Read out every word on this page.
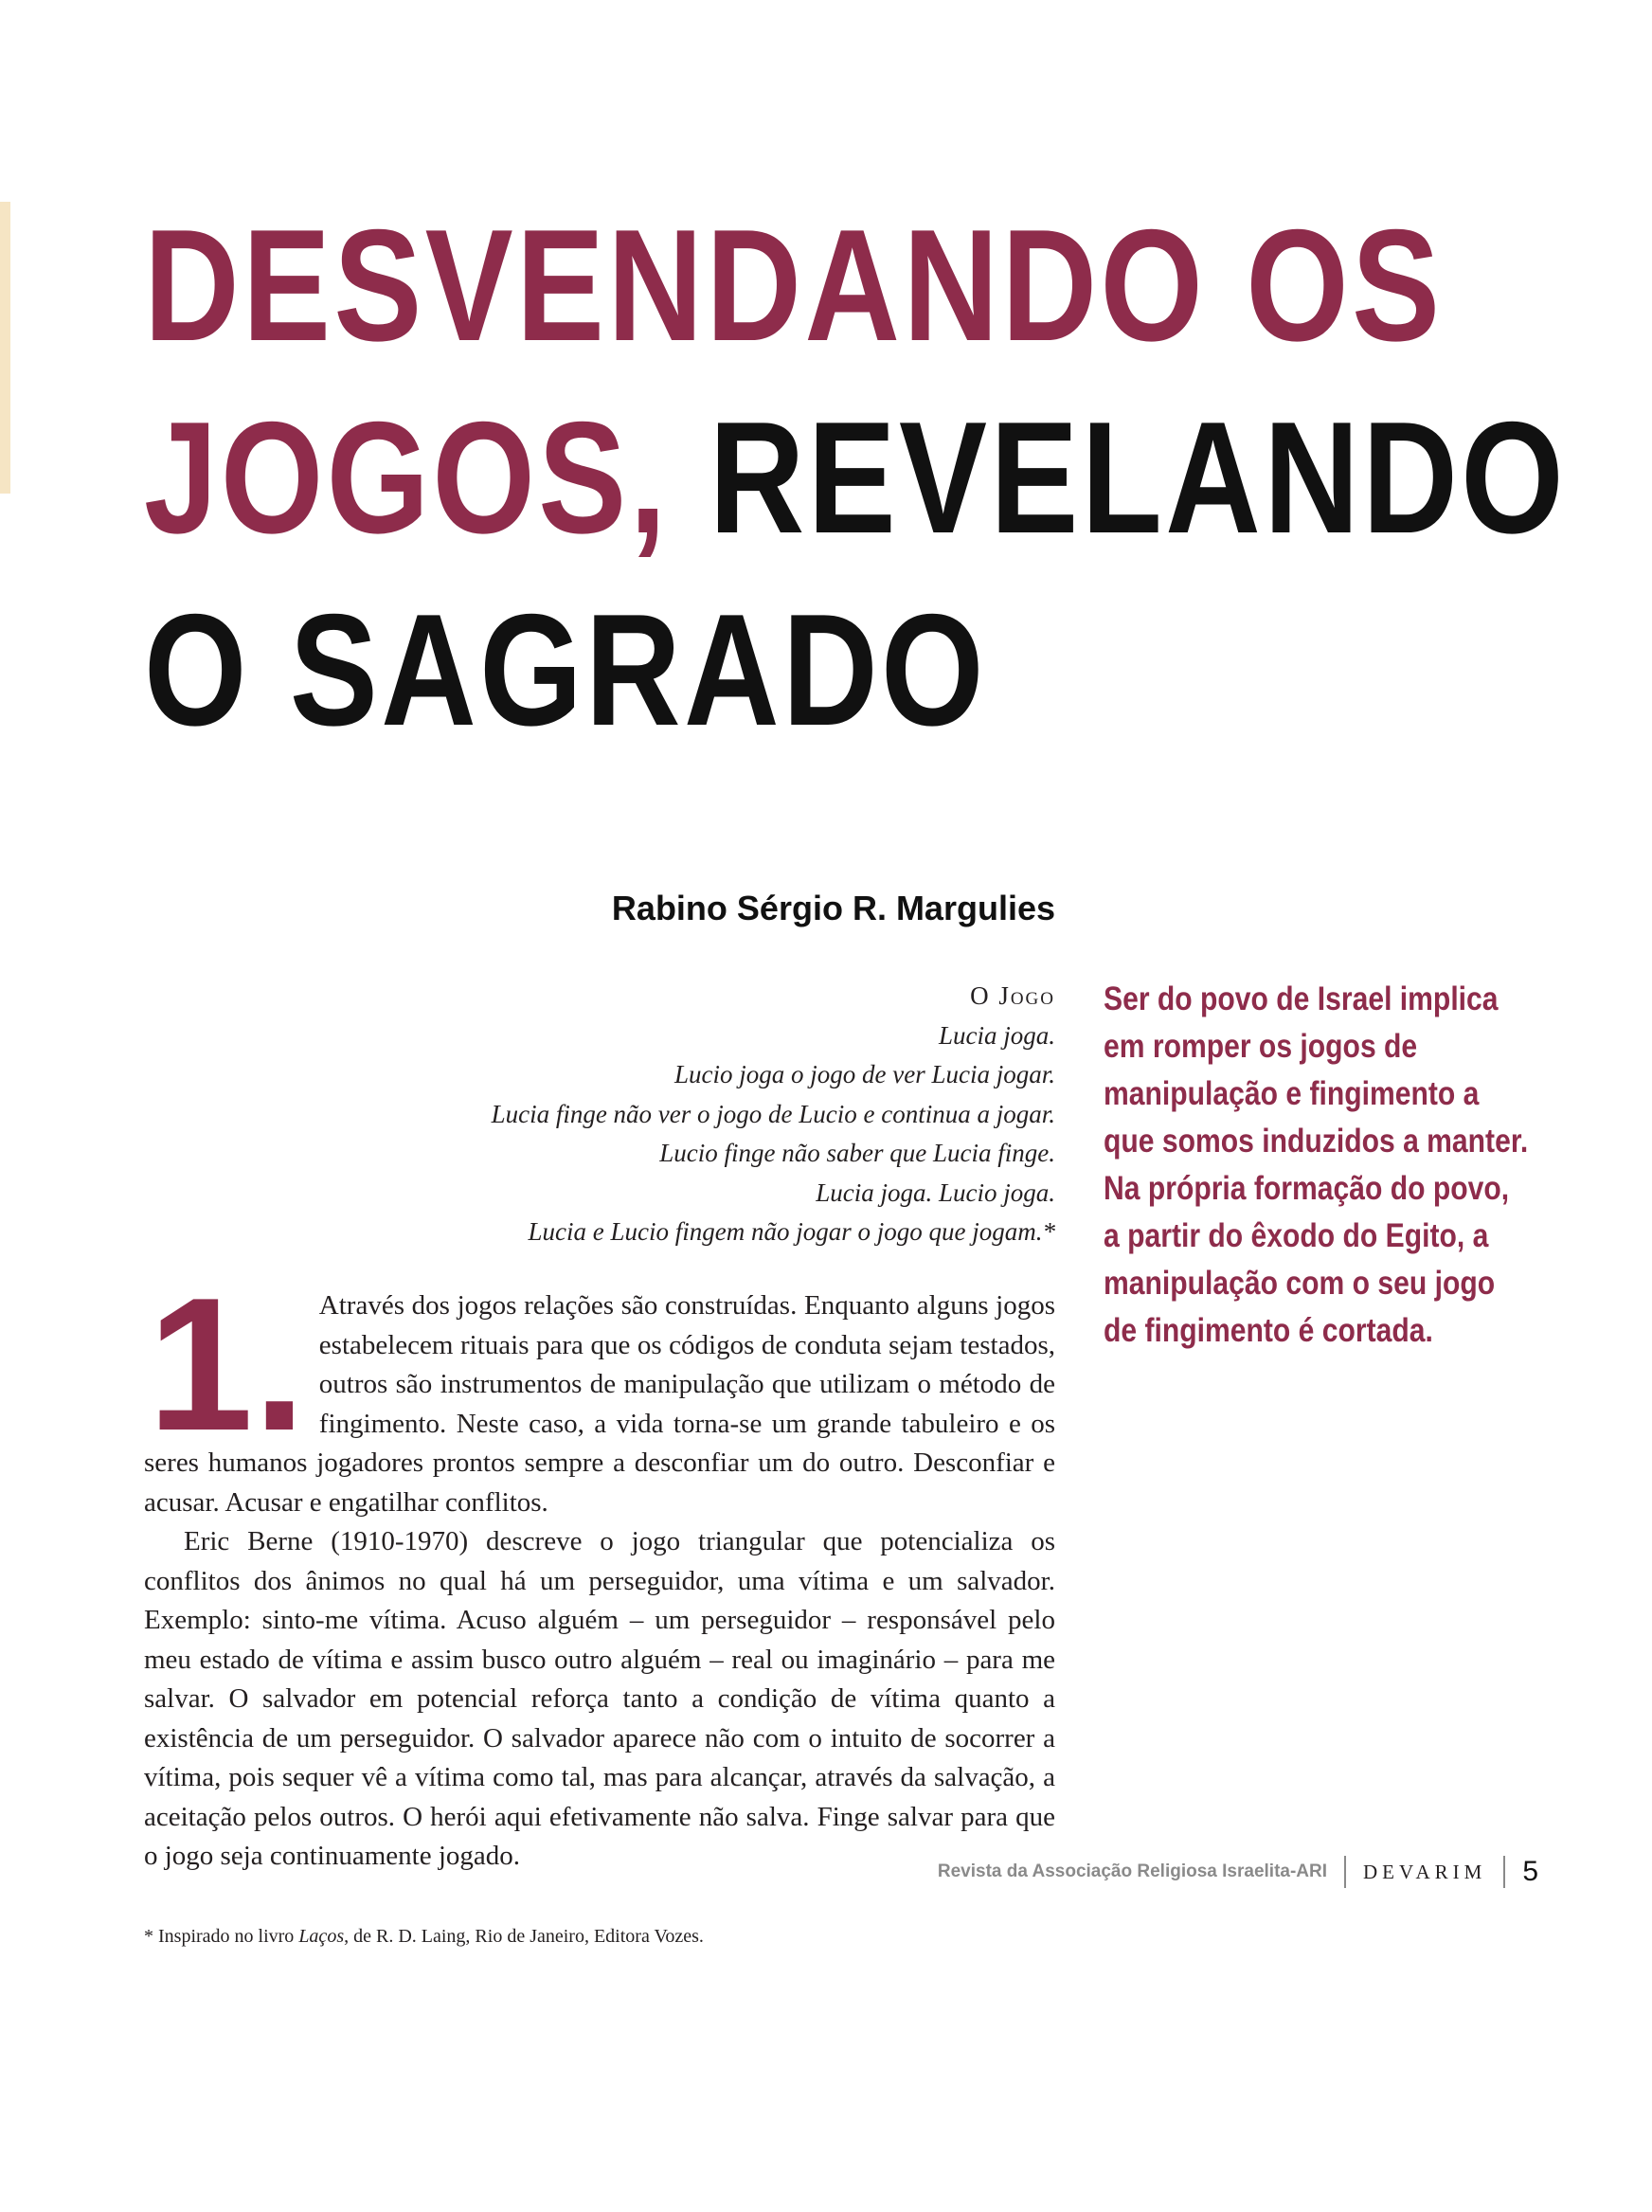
DESVENDANDO OS
JOGOS, REVELANDO
O SAGRADO
Rabino Sérgio R. Margulies
O Jogo
Lucia joga.
Lucio joga o jogo de ver Lucia jogar.
Lucia finge não ver o jogo de Lucio e continua a jogar.
Lucio finge não saber que Lucia finge.
Lucia joga. Lucio joga.
Lucia e Lucio fingem não jogar o jogo que jogam.*
Ser do povo de Israel implica
em romper os jogos de
manipulação e fingimento a
que somos induzidos a manter.
Na própria formação do povo,
a partir do êxodo do Egito, a
manipulação com o seu jogo
de fingimento é cortada.
1. Através dos jogos relações são construídas. Enquanto alguns jogos estabelecem rituais para que os códigos de conduta sejam testados, outros são instrumentos de manipulação que utilizam o método de fingimento. Neste caso, a vida torna-se um grande tabuleiro e os seres humanos jogadores prontos sempre a desconfiar um do outro. Desconfiar e acusar. Acusar e engatilhar conflitos.

Eric Berne (1910-1970) descreve o jogo triangular que potencializa os conflitos dos ânimos no qual há um perseguidor, uma vítima e um salvador. Exemplo: sinto-me vítima. Acuso alguém – um perseguidor – responsável pelo meu estado de vítima e assim busco outro alguém – real ou imaginário – para me salvar. O salvador em potencial reforça tanto a condição de vítima quanto a existência de um perseguidor. O salvador aparece não com o intuito de socorrer a vítima, pois sequer vê a vítima como tal, mas para alcançar, através da salvação, a aceitação pelos outros. O herói aqui efetivamente não salva. Finge salvar para que o jogo seja continuamente jogado.

* Inspirado no livro Laços, de R. D. Laing, Rio de Janeiro, Editora Vozes.
Revista da Associação Religiosa Israelita-ARI DEVARIM 5
